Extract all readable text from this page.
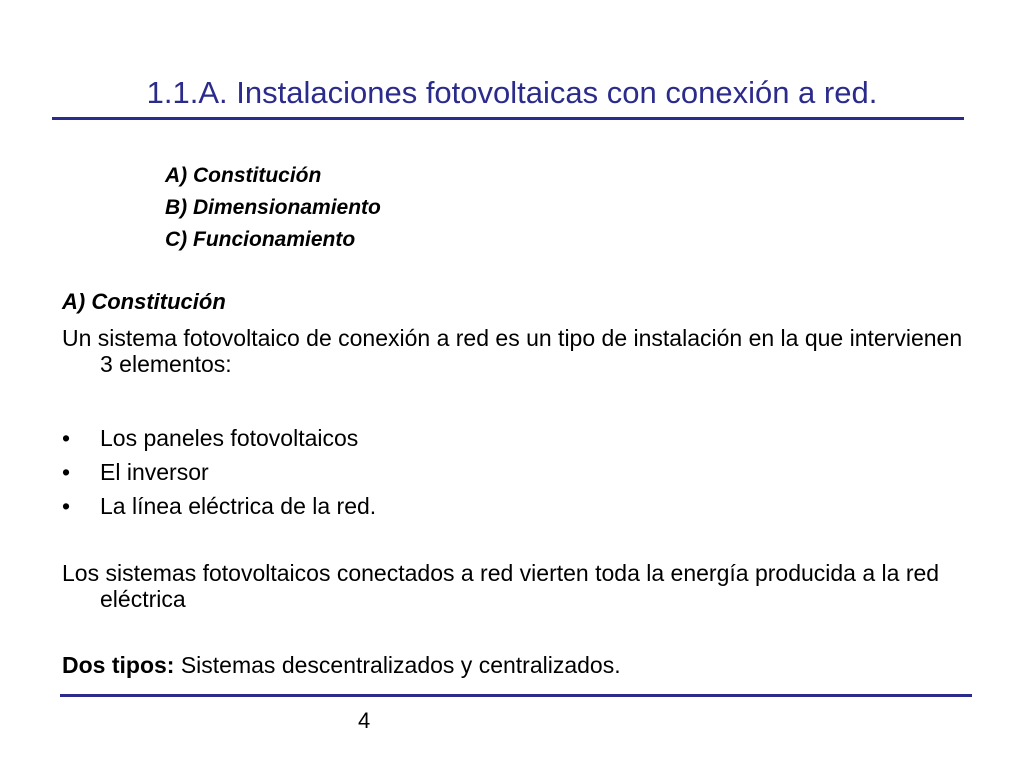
1.1.A. Instalaciones fotovoltaicas con conexión a red.
A) Constitución
B) Dimensionamiento
C) Funcionamiento
A) Constitución
Un sistema fotovoltaico de conexión a red es un tipo de instalación en la que intervienen 3 elementos:
• Los paneles fotovoltaicos
• El inversor
• La línea eléctrica de la red.
Los sistemas fotovoltaicos conectados a red vierten toda la energía producida a la red eléctrica
Dos tipos: Sistemas descentralizados y centralizados.
4
